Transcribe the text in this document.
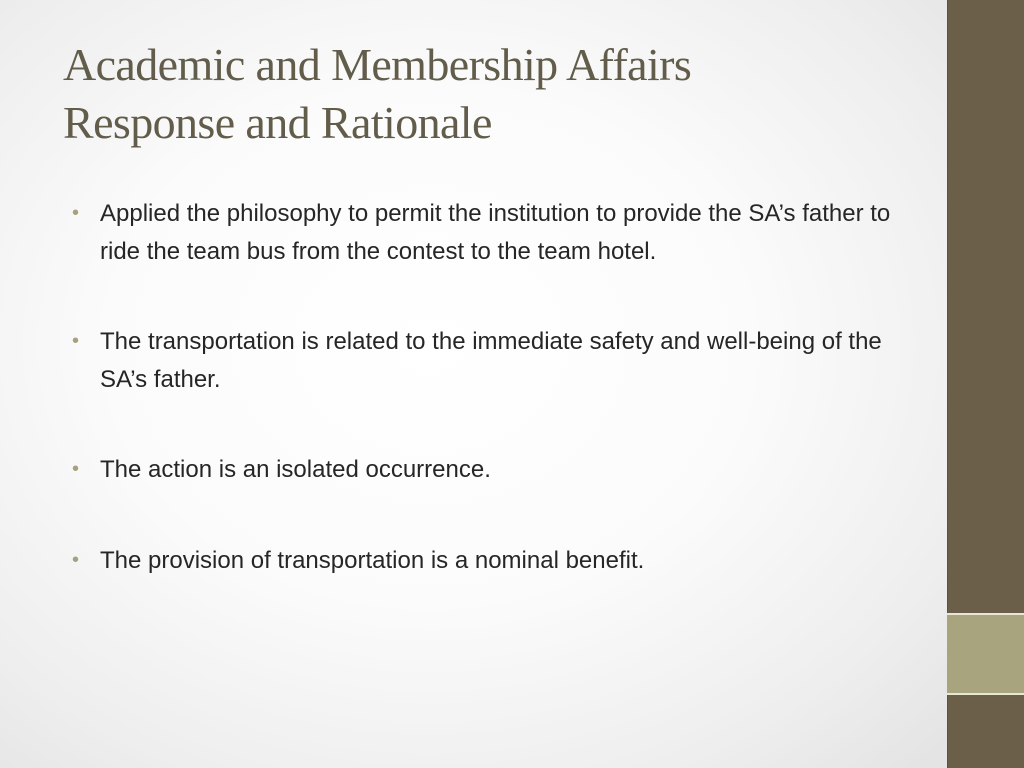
Academic and Membership Affairs
Response and Rationale
• Applied the philosophy to permit the institution to provide the SA’s father to ride the team bus from the contest to the team hotel.
• The transportation is related to the immediate safety and well-being of the SA’s father.
• The action is an isolated occurrence.
• The provision of transportation is a nominal benefit.
